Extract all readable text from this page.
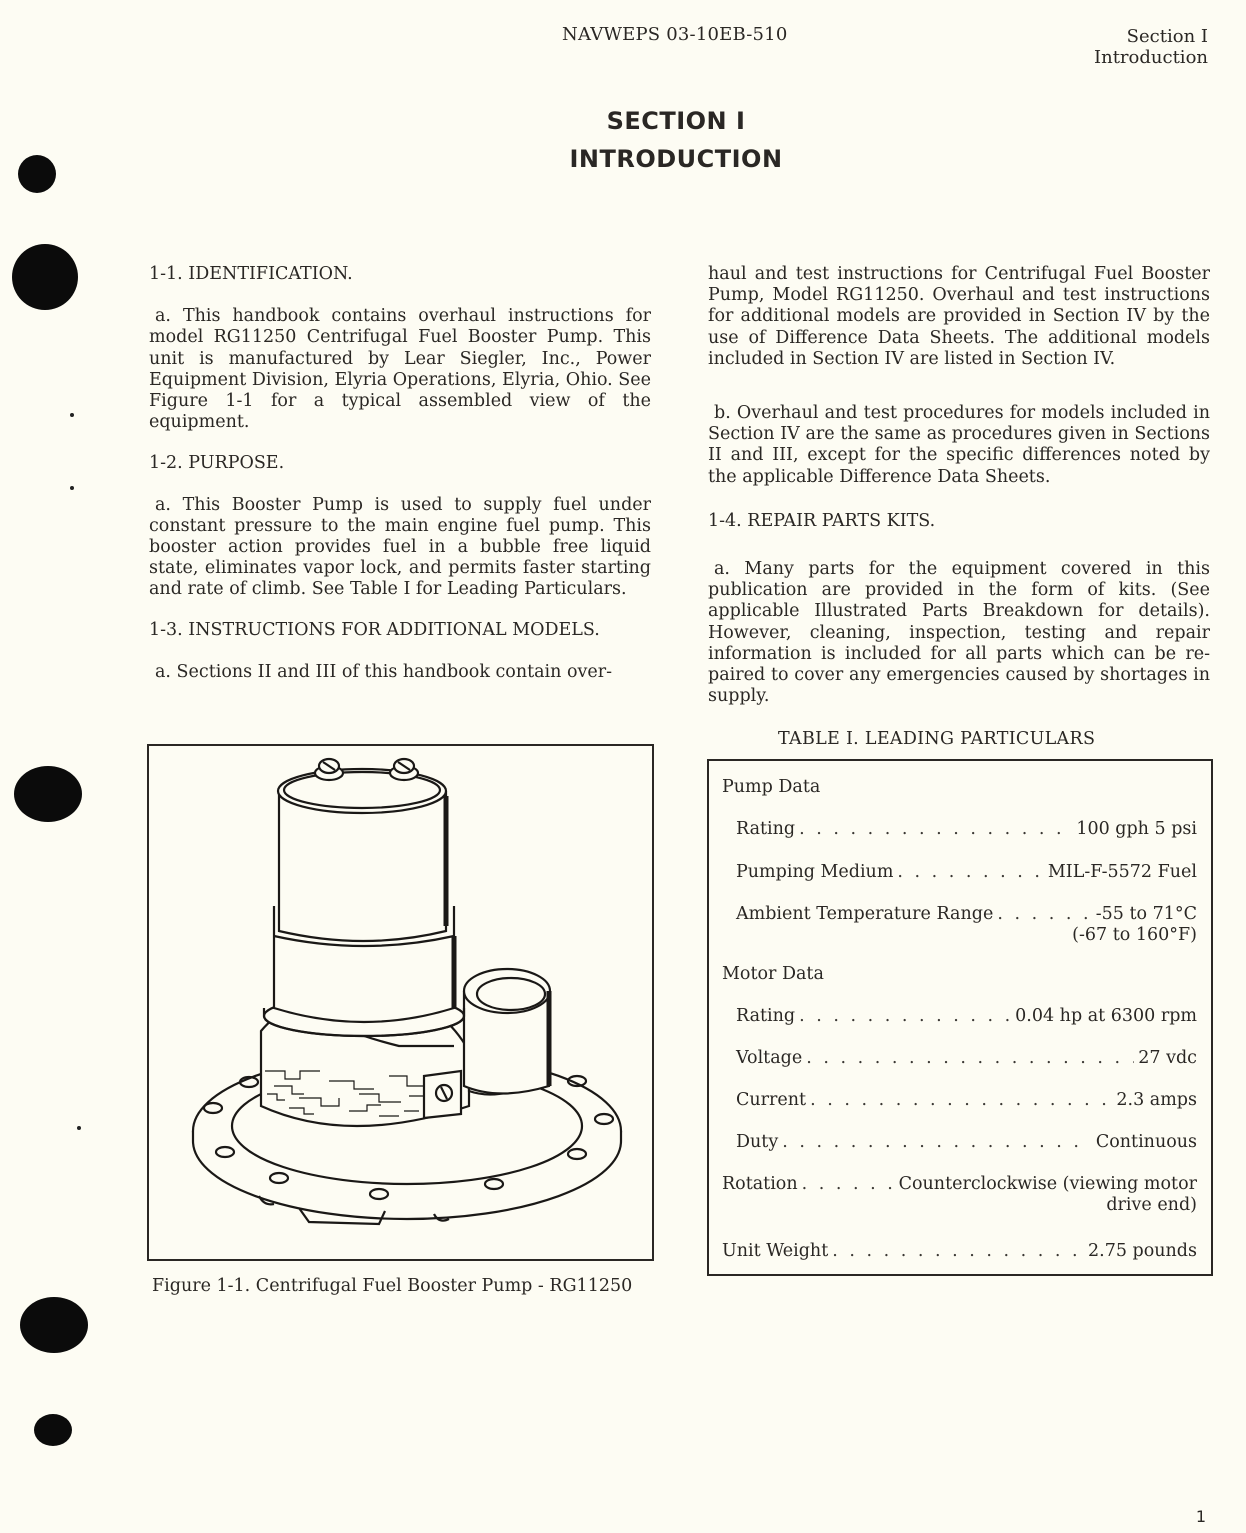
NAVWEPS 03-10EB-510	Section I
Introduction
SECTION I
INTRODUCTION

1-1. IDENTIFICATION.

a. This handbook contains overhaul instructions for model RG11250 Centrifugal Fuel Booster Pump. This unit is manufactured by Lear Siegler, Inc., Power Equipment Division, Elyria Operations, Elyria, Ohio. See Figure 1-1 for a typical assembled view of the equipment.

1-2. PURPOSE.

a. This Booster Pump is used to supply fuel under constant pressure to the main engine fuel pump. This booster action provides fuel in a bubble free liquid state, eliminates vapor lock, and permits faster starting and rate of climb. See Table I for Leading Particulars.

1-3. INSTRUCTIONS FOR ADDITIONAL MODELS.

a. Sections II and III of this handbook contain over-

haul and test instructions for Centrifugal Fuel Booster Pump, Model RG11250. Overhaul and test instructions for additional models are provided in Section IV by the use of Difference Data Sheets. The additional models included in Section IV are listed in Section IV.

b. Overhaul and test procedures for models included in Section IV are the same as procedures given in Sections II and III, except for the specific differences noted by the applicable Difference Data Sheets.

1-4. REPAIR PARTS KITS.

a. Many parts for the equipment covered in this publication are provided in the form of kits. (See applicable Illustrated Parts Breakdown for details). However, cleaning, inspection, testing and repair information is included for all parts which can be re-paired to cover any emergencies caused by shortages in supply.

Figure 1-1. Centrifugal Fuel Booster Pump - RG11250
TABLE I. LEADING PARTICULARS
Pump Data
Rating . . .	100 gph 5 psi
Pumping Medium . . .	MIL-F-5572 Fuel
Ambient Temperature Range . . .	-55 to 71°C
(-67 to 160°F)
Motor Data
Rating . . .	0.04 hp at 6300 rpm
Voltage . . .	27 vdc
Current . . .	2.3 amps
Duty . . .	Continuous
Rotation . . .	Counterclockwise (viewing motor
drive end)
Unit Weight . . .	2.75 pounds
1
